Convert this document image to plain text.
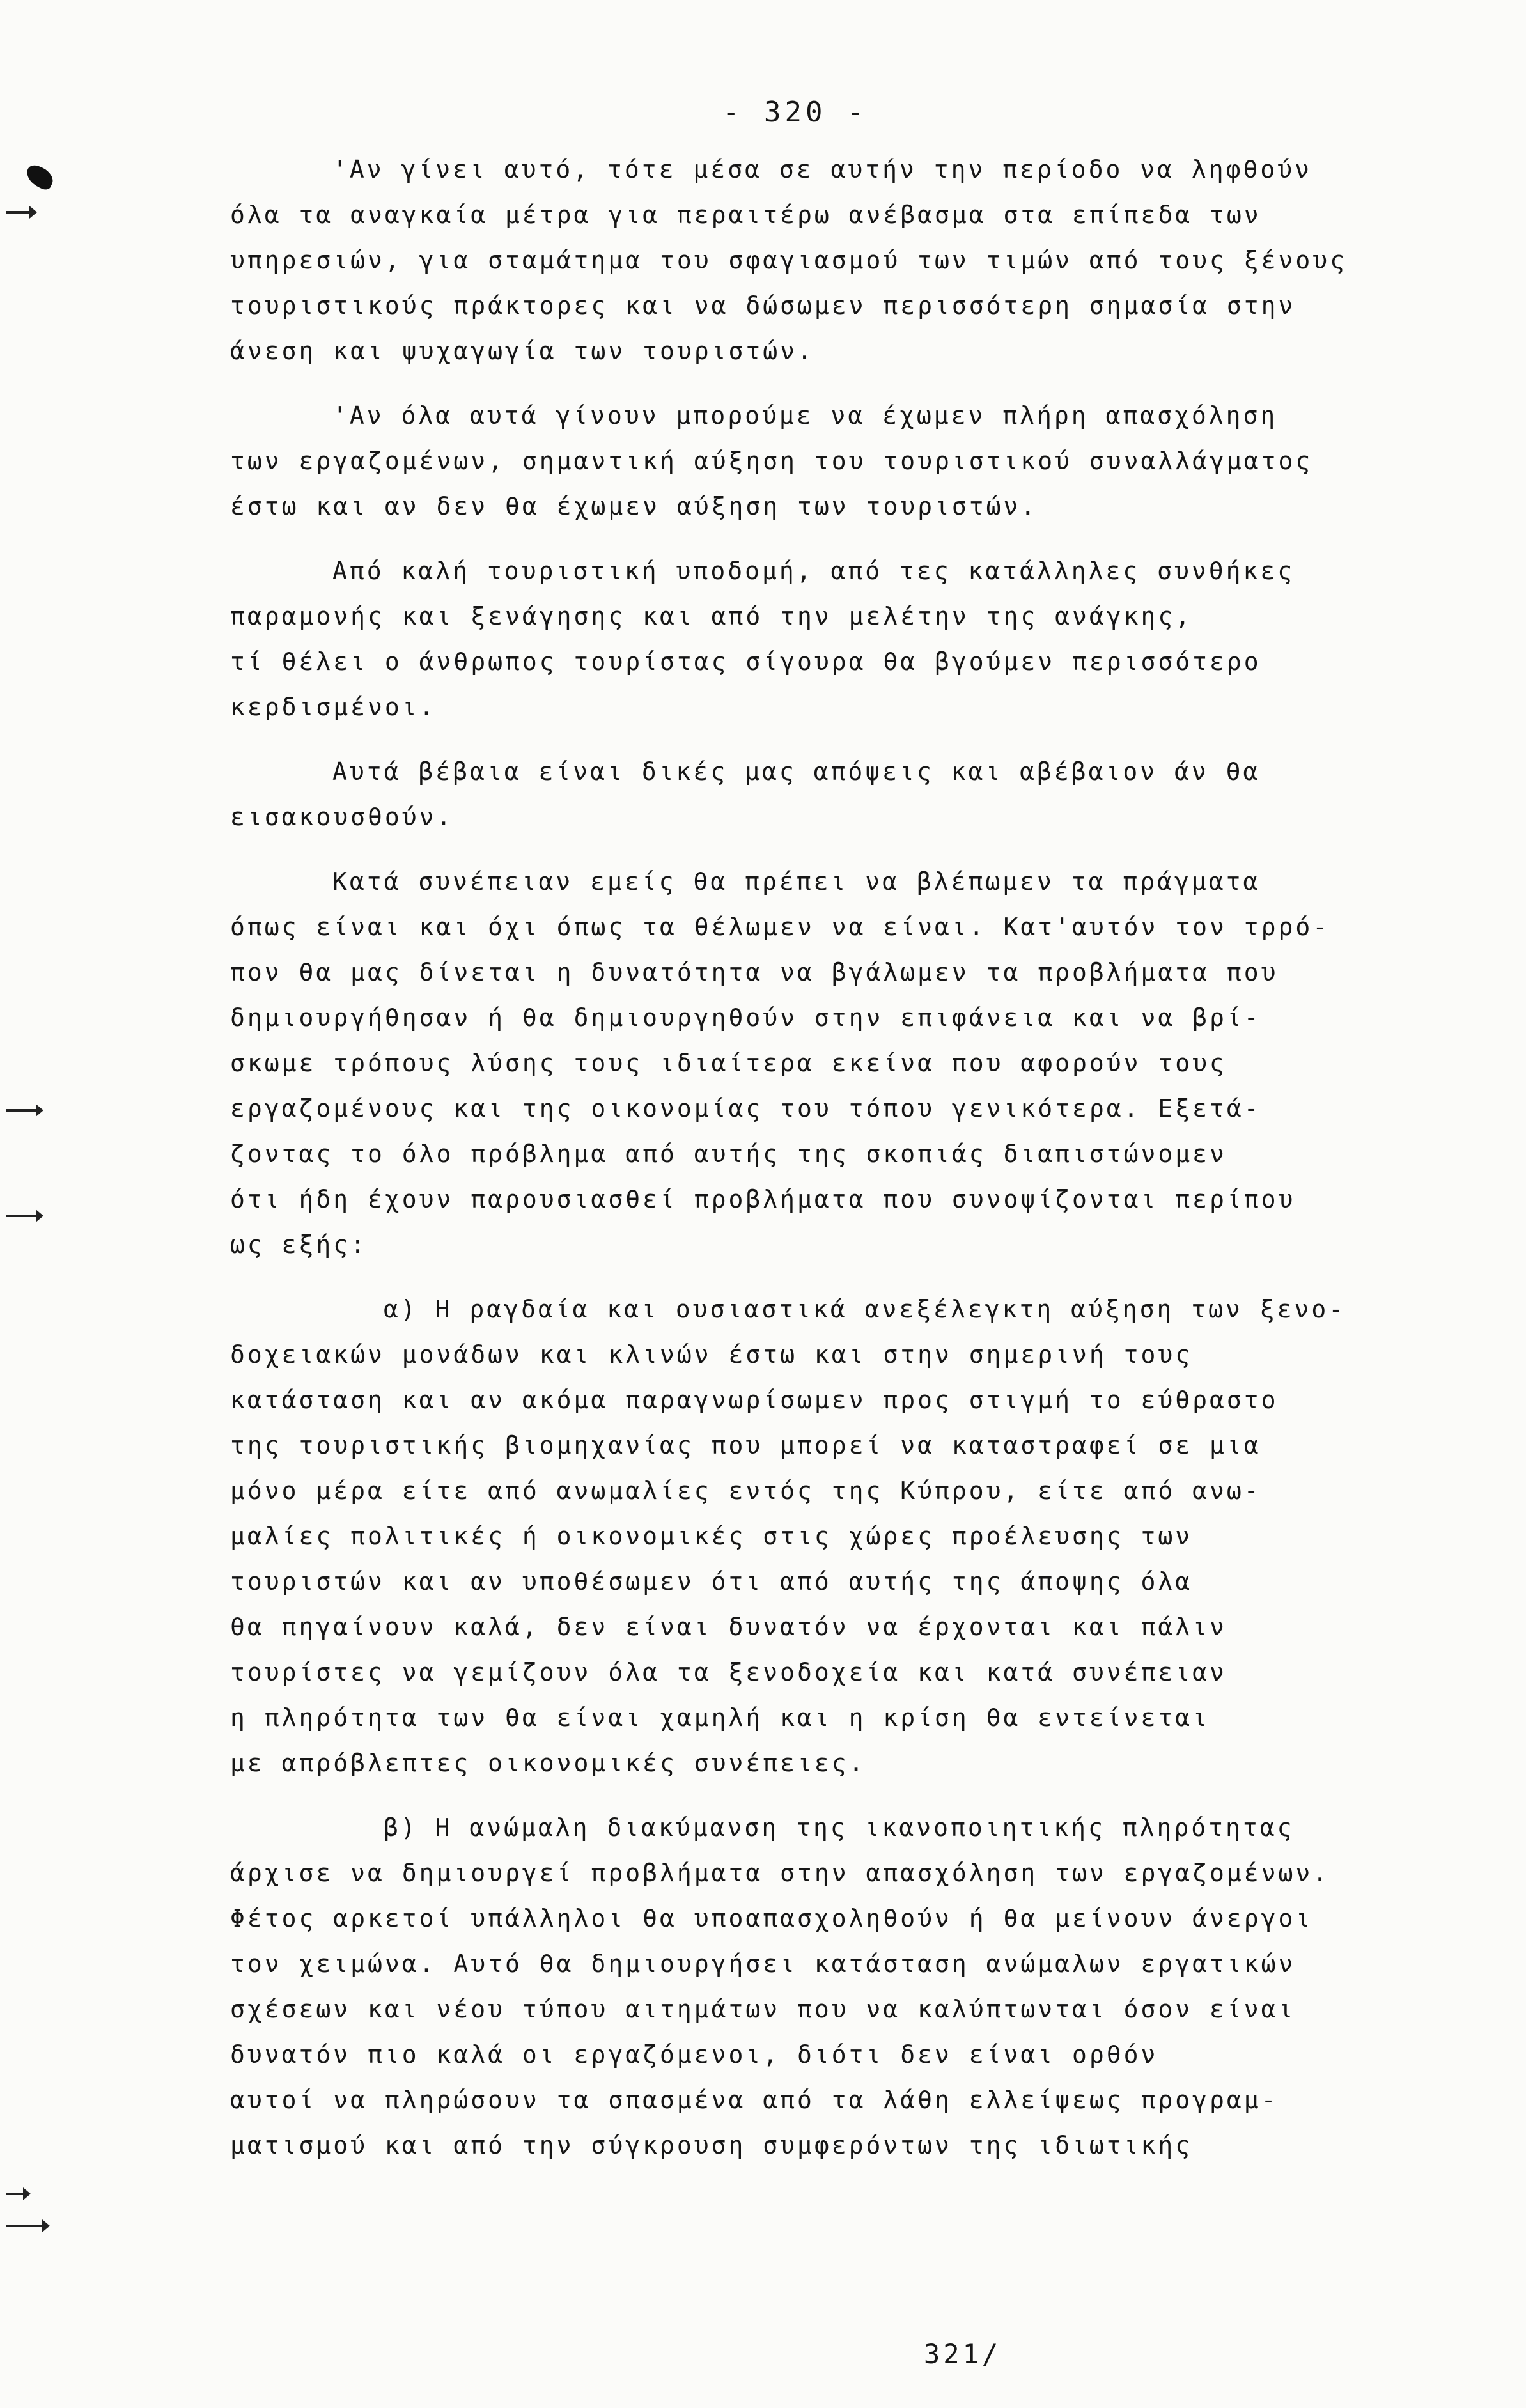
- 320 -

'Αν γίνει αυτό, τότε μέσα σε αυτήν την περίοδο να ληφθούν
όλα τα αναγκαία μέτρα για περαιτέρω ανέβασμα στα επίπεδα των
υπηρεσιών, για σταμάτημα του σφαγιασμού των τιμών από τους ξένους
τουριστικούς πράκτορες και να δώσωμεν περισσότερη σημασία στην
άνεση και ψυχαγωγία των τουριστών.

'Αν όλα αυτά γίνουν μπορούμε να έχωμεν πλήρη απασχόληση
των εργαζομένων, σημαντική αύξηση του τουριστικού συναλλάγματος
έστω και αν δεν θα έχωμεν αύξηση των τουριστών.

Από καλή τουριστική υποδομή, από τες κατάλληλες συνθήκες
παραμονής και ξενάγησης και από την μελέτην της ανάγκης,
τί θέλει ο άνθρωπος τουρίστας σίγουρα θα βγούμεν περισσότερο
κερδισμένοι.

Αυτά βέβαια είναι δικές μας απόψεις και αβέβαιον άν θα
εισακουσθούν.

Κατά συνέπειαν εμείς θα πρέπει να βλέπωμεν τα πράγματα
όπως είναι και όχι όπως τα θέλωμεν να είναι. Κατ'αυτόν τον τρρό-
πον θα μας δίνεται η δυνατότητα να βγάλωμεν τα προβλήματα που
δημιουργήθησαν ή θα δημιουργηθούν στην επιφάνεια και να βρί-
σκωμε τρόπους λύσης τους ιδιαίτερα εκείνα που αφορούν τους
εργαζομένους και της οικονομίας του τόπου γενικότερα. Εξετά-
ζοντας το όλο πρόβλημα από αυτής της σκοπιάς διαπιστώνομεν
ότι ήδη έχουν παρουσιασθεί προβλήματα που συνοψίζονται περίπου
ως εξής:

α) Η ραγδαία και ουσιαστικά ανεξέλεγκτη αύξηση των ξενο-
δοχειακών μονάδων και κλινών έστω και στην σημερινή τους
κατάσταση και αν ακόμα παραγνωρίσωμεν προς στιγμή το εύθραστο
της τουριστικής βιομηχανίας που μπορεί να καταστραφεί σε μια
μόνο μέρα είτε από ανωμαλίες εντός της Κύπρου, είτε από ανω-
μαλίες πολιτικές ή οικονομικές στις χώρες προέλευσης των
τουριστών και αν υποθέσωμεν ότι από αυτής της άποψης όλα
θα πηγαίνουν καλά, δεν είναι δυνατόν να έρχονται και πάλιν
τουρίστες να γεμίζουν όλα τα ξενοδοχεία και κατά συνέπειαν
η πληρότητα των θα είναι χαμηλή και η κρίση θα εντείνεται
με απρόβλεπτες οικονομικές συνέπειες.

β) Η ανώμαλη διακύμανση της ικανοποιητικής πληρότητας
άρχισε να δημιουργεί προβλήματα στην απασχόληση των εργαζομένων.
Φέτος αρκετοί υπάλληλοι θα υποαπασχοληθούν ή θα μείνουν άνεργοι
τον χειμώνα. Αυτό θα δημιουργήσει κατάσταση ανώμαλων εργατικών
σχέσεων και νέου τύπου αιτημάτων που να καλύπτωνται όσον είναι
δυνατόν πιο καλά οι εργαζόμενοι, διότι δεν είναι ορθόν
αυτοί να πληρώσουν τα σπασμένα από τα λάθη ελλείψεως προγραμ-
ματισμού και από την σύγκρουση συμφερόντων της ιδιωτικής

321/
